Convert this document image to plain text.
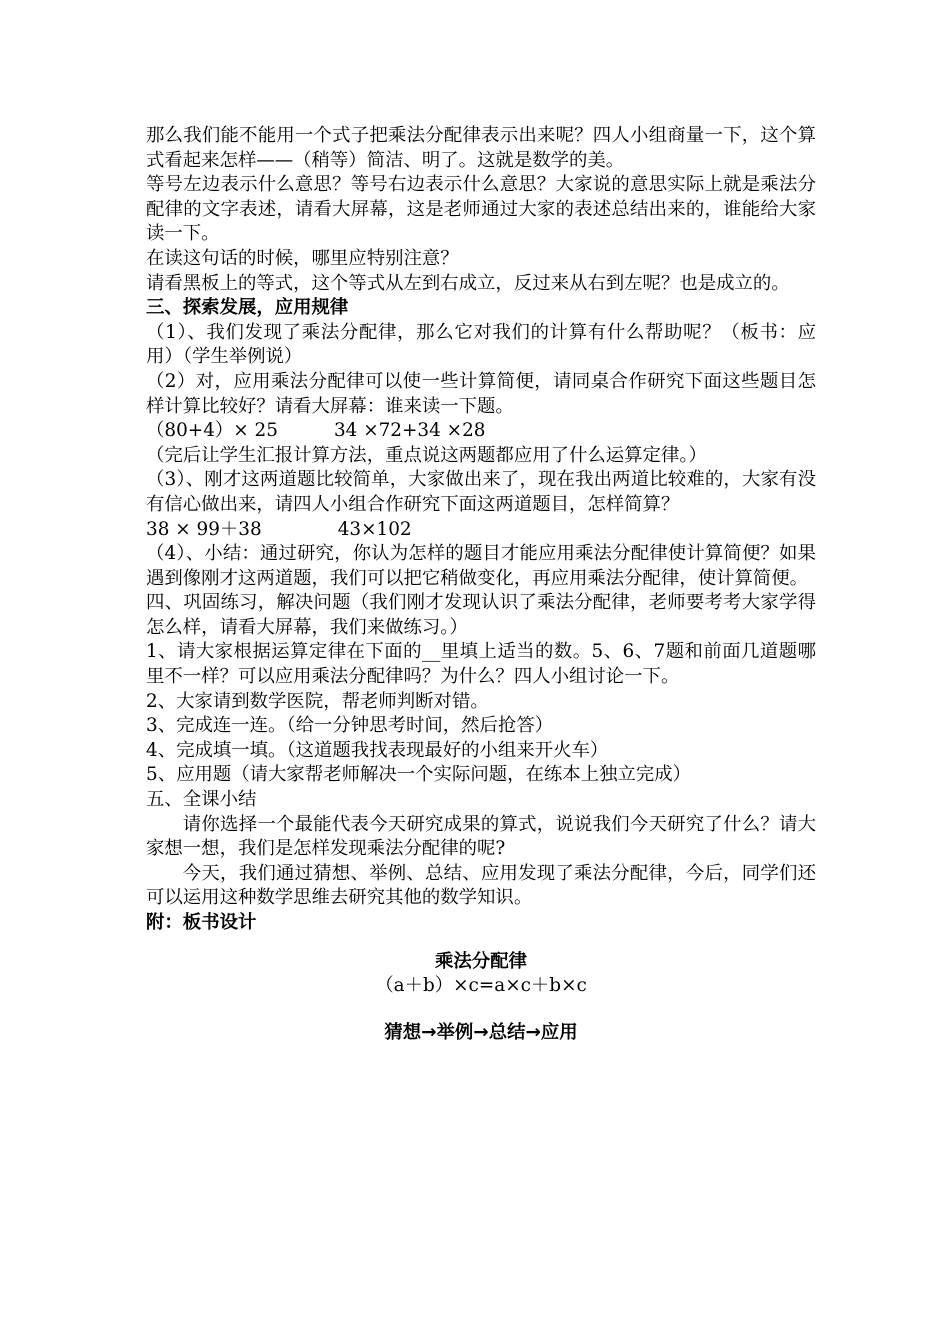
那么我们能不能用一个式子把乘法分配律表示出来呢？四人小组商量一下，这个算式看起来怎样——（稍等）简洁、明了。这就是数学的美。

等号左边表示什么意思？等号右边表示什么意思？大家说的意思实际上就是乘法分配律的文字表述，请看大屏幕，这是老师通过大家的表述总结出来的，谁能给大家读一下。

在读这句话的时候，哪里应特别注意？

请看黑板上的等式，这个等式从左到右成立，反过来从右到左呢？也是成立的。

三、探索发展，应用规律

（1）、我们发现了乘法分配律，那么它对我们的计算有什么帮助呢？（板书：应用）（学生举例说）

（2）对，应用乘法分配律可以使一些计算简便，请同桌合作研究下面这些题目怎样计算比较好？请看大屏幕：谁来读一下题。

（80+4）× 25	34 ×72+34 ×28

（完后让学生汇报计算方法，重点说这两题都应用了什么运算定律。）

（3）、刚才这两道题比较简单，大家做出来了，现在我出两道比较难的，大家有没有信心做出来，请四人小组合作研究下面这两道题目，怎样简算？

38 × 99＋38	43×102

（4）、小结：通过研究，你认为怎样的题目才能应用乘法分配律使计算简便？如果遇到像刚才这两道题，我们可以把它稍做变化，再应用乘法分配律，使计算简便。

四、巩固练习，解决问题（我们刚才发现认识了乘法分配律，老师要考考大家学得怎么样，请看大屏幕，我们来做练习。）

1、请大家根据运算定律在下面的__里填上适当的数。5、6、7题和前面几道题哪里不一样？可以应用乘法分配律吗？为什么？四人小组讨论一下。

2、大家请到数学医院，帮老师判断对错。

3、完成连一连。（给一分钟思考时间，然后抢答）

4、完成填一填。（这道题我找表现最好的小组来开火车）

5、应用题（请大家帮老师解决一个实际问题，在练本上独立完成）

五、全课小结

请你选择一个最能代表今天研究成果的算式，说说我们今天研究了什么？请大家想一想，我们是怎样发现乘法分配律的呢?

今天，我们通过猜想、举例、总结、应用发现了乘法分配律，今后，同学们还可以运用这种数学思维去研究其他的数学知识。

附：板书设计

乘法分配律

（a＋b）×c=a×c＋b×c

猜想→举例→总结→应用
